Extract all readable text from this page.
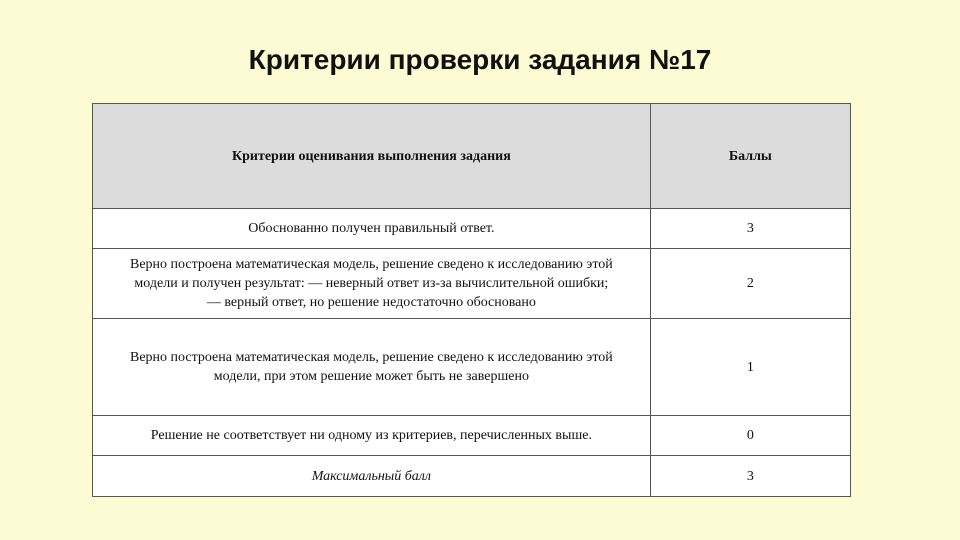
Критерии проверки задания №17
Критерии оценивания выполнения задания	Баллы

Обоснованно получен правильный ответ.	3

Верно построена математическая модель, решение сведено к исследованию этой
модели и получен результат: — неверный ответ из-за вычислительной ошибки;
— верный ответ, но решение недостаточно обосновано	2

Верно построена математическая модель, решение сведено к исследованию этой
модели, при этом решение может быть не завершено	1

Решение не соответствует ни одному из критериев, перечисленных выше.	0

Максимальный балл	3
